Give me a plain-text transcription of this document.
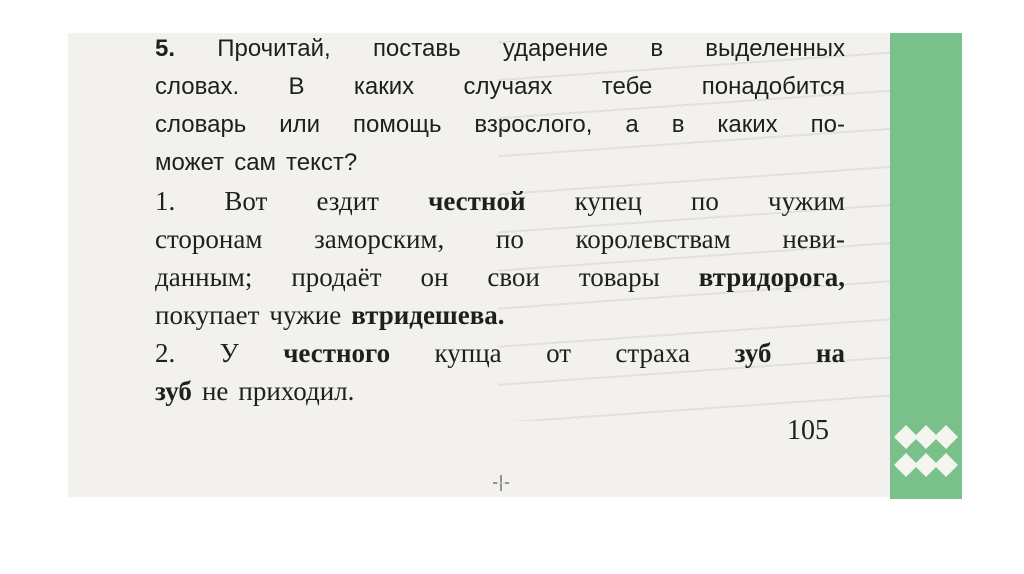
5. Прочитай, поставь ударение в выделенных
словах. В каких случаях тебе понадобится
словарь или помощь взрослого, а в каких по-
может сам текст?
1. Вот ездит честной купец по чужим
сторонам заморским, по королевствам неви-
данным; продаёт он свои товары втридорога,
покупает чужие втридешева.
2. У честного купца от страха зуб на
зуб не приходил.
105
